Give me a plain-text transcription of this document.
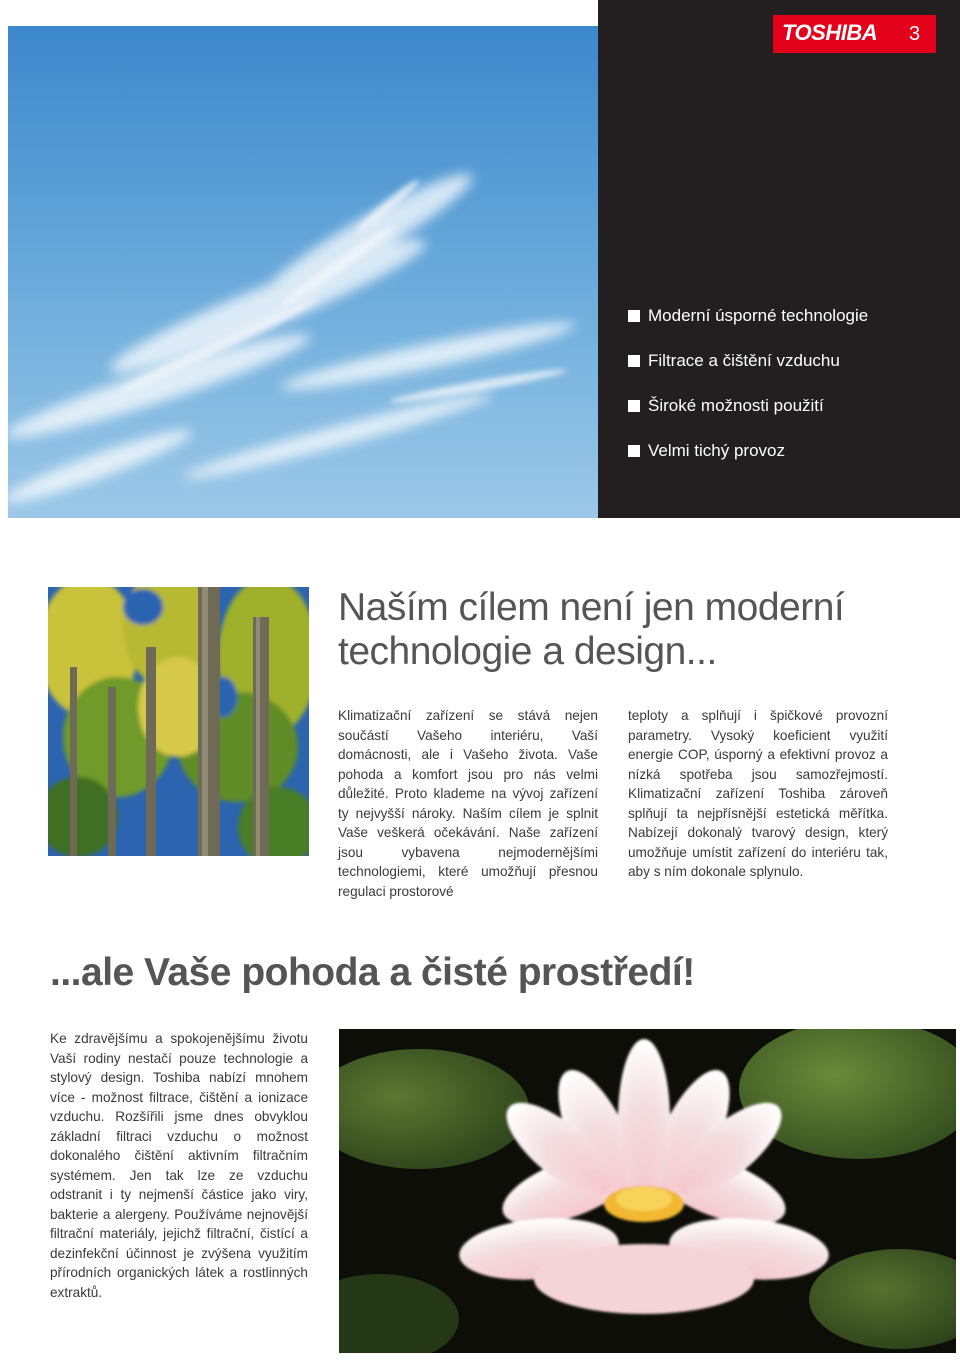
TOSHIBA 3
Moderní úsporné technologie
Filtrace a čištění vzduchu
Široké možnosti použití
Velmi tichý provoz
Naším cílem není jen moderní
technologie a design...

Klimatizační zařízení se stává nejen součástí Vašeho interiéru, Vaší domácnosti, ale i Vašeho života. Vaše pohoda a komfort jsou pro nás velmi důležité. Proto klademe na vývoj zařízení ty nejvyšší nároky. Naším cílem je splnit Vaše veškerá očekávání. Naše zařízení jsou vybavena nejmodernějšími technologiemi, které umožňují přesnou regulaci prostorové

teploty a splňují i špičkové provozní parametry. Vysoký koeficient využití energie COP, úsporný a efektivní provoz a nízká spotřeba jsou samozřejmostí. Klimatizační zařízení Toshiba zároveň splňují ta nejpřísnější estetická měřítka. Nabízejí dokonalý tvarový design, který umožňuje umístit zařízení do interiéru tak, aby s ním dokonale splynulo.

...ale Vaše pohoda a čisté prostředí!

Ke zdravějšímu a spokojenějšímu životu Vaší rodiny nestačí pouze technologie a stylový design. Toshiba nabízí mnohem více - možnost filtrace, čištění a ionizace vzduchu. Rozšířili jsme dnes obvyklou základní filtraci vzduchu o možnost dokonalého čištění aktivním filtračním systémem. Jen tak lze ze vzduchu odstranit i ty nejmenší částice jako viry, bakterie a alergeny. Používáme nejnovější filtrační materiály, jejichž filtrační, čistící a dezinfekční účinnost je zvýšena využitím přírodních organických látek a rostlinných extraktů.
